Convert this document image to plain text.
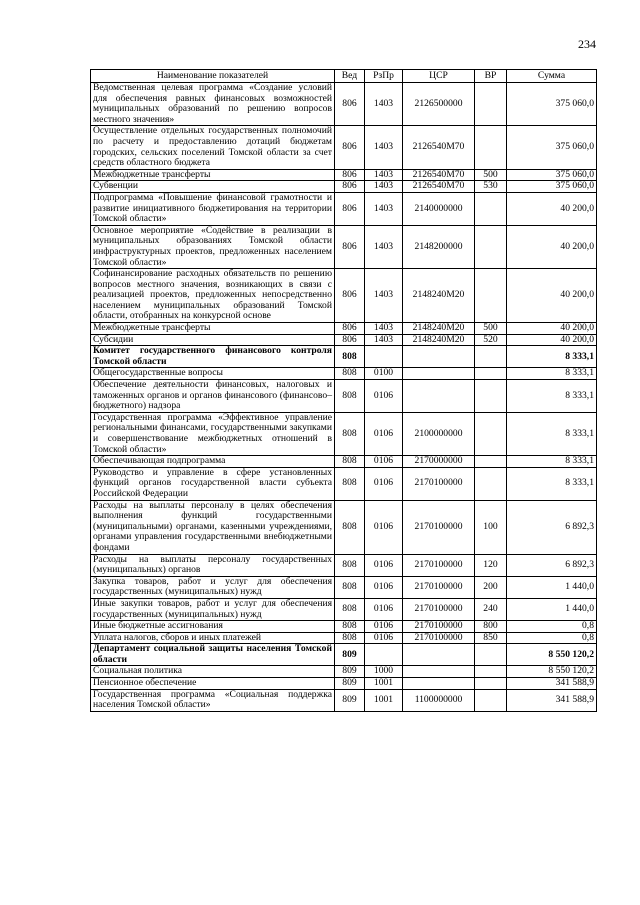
234
Наименование показателей	Вед	РзПр	ЦСР	ВР	Сумма
Ведомственная целевая программа «Создание условий для обеспечения равных финансовых возможностей муниципальных образований по решению вопросов местного значения»	806	1403	2126500000		375 060,0
Осуществление отдельных государственных полномочий по расчету и предоставлению дотаций бюджетам городских, сельских поселений Томской области за счет средств областного бюджета	806	1403	2126540М70		375 060,0
Межбюджетные трансферты	806	1403	2126540М70	500	375 060,0
Субвенции	806	1403	2126540М70	530	375 060,0
Подпрограмма «Повышение финансовой грамотности и развитие инициативного бюджетирования на территории Томской области»	806	1403	2140000000		40 200,0
Основное мероприятие «Содействие в реализации в муниципальных образованиях Томской области инфраструктурных проектов, предложенных населением Томской области»	806	1403	2148200000		40 200,0
Софинансирование расходных обязательств по решению вопросов местного значения, возникающих в связи с реализацией проектов, предложенных непосредственно населением муниципальных образований Томской области, отобранных на конкурсной основе	806	1403	2148240М20		40 200,0
Межбюджетные трансферты	806	1403	2148240М20	500	40 200,0
Субсидии	806	1403	2148240М20	520	40 200,0
Комитет государственного финансового контроля Томской области	808				8 333,1
Общегосударственные вопросы	808	0100			8 333,1
Обеспечение деятельности финансовых, налоговых и таможенных органов и органов финансового (финансово–бюджетного) надзора	808	0106			8 333,1
Государственная программа «Эффективное управление региональными финансами, государственными закупками и совершенствование межбюджетных отношений в Томской области»	808	0106	2100000000		8 333,1
Обеспечивающая подпрограмма	808	0106	2170000000		8 333,1
Руководство и управление в сфере установленных функций органов государственной власти субъекта Российской Федерации	808	0106	2170100000		8 333,1
Расходы на выплаты персоналу в целях обеспечения выполнения функций государственными (муниципальными) органами, казенными учреждениями, органами управления государственными внебюджетными фондами	808	0106	2170100000	100	6 892,3
Расходы на выплаты персоналу государственных (муниципальных) органов	808	0106	2170100000	120	6 892,3
Закупка товаров, работ и услуг для обеспечения государственных (муниципальных) нужд	808	0106	2170100000	200	1 440,0
Иные закупки товаров, работ и услуг для обеспечения государственных (муниципальных) нужд	808	0106	2170100000	240	1 440,0
Иные бюджетные ассигнования	808	0106	2170100000	800	0,8
Уплата налогов, сборов и иных платежей	808	0106	2170100000	850	0,8
Департамент социальной защиты населения Томской области	809				8 550 120,2
Социальная политика	809	1000			8 550 120,2
Пенсионное обеспечение	809	1001			341 588,9
Государственная программа «Социальная поддержка населения Томской области»	809	1001	1100000000		341 588,9
